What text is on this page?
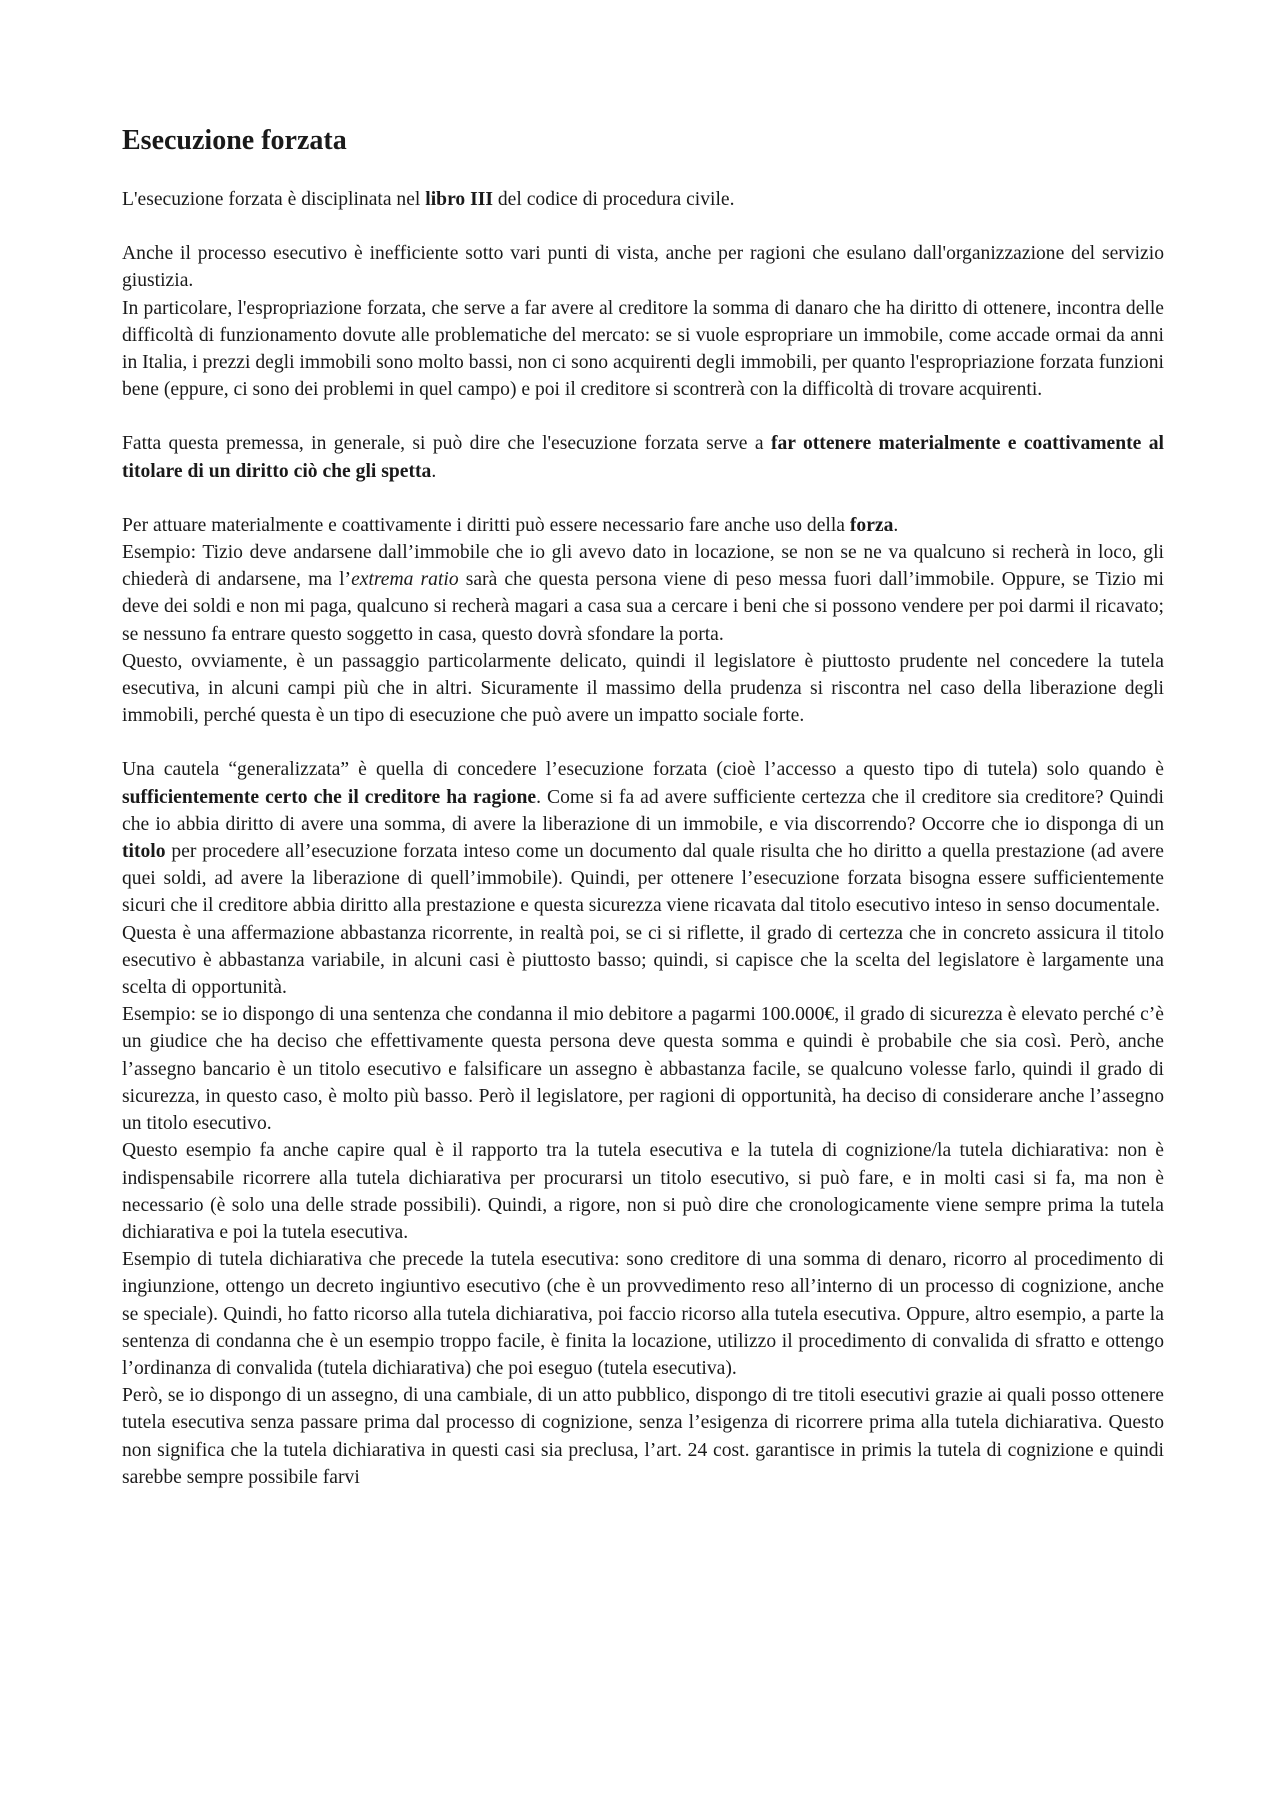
Esecuzione forzata

L'esecuzione forzata è disciplinata nel libro III del codice di procedura civile.

Anche il processo esecutivo è inefficiente sotto vari punti di vista, anche per ragioni che esulano dall'organizzazione del servizio giustizia.

In particolare, l'espropriazione forzata, che serve a far avere al creditore la somma di danaro che ha diritto di ottenere, incontra delle difficoltà di funzionamento dovute alle problematiche del mercato: se si vuole espropriare un immobile, come accade ormai da anni in Italia, i prezzi degli immobili sono molto bassi, non ci sono acquirenti degli immobili, per quanto l'espropriazione forzata funzioni bene (eppure, ci sono dei problemi in quel campo) e poi il creditore si scontrerà con la difficoltà di trovare acquirenti.

Fatta questa premessa, in generale, si può dire che l'esecuzione forzata serve a far ottenere materialmente e coattivamente al titolare di un diritto ciò che gli spetta.

Per attuare materialmente e coattivamente i diritti può essere necessario fare anche uso della forza.

Esempio: Tizio deve andarsene dall’immobile che io gli avevo dato in locazione, se non se ne va qualcuno si recherà in loco, gli chiederà di andarsene, ma l’extrema ratio sarà che questa persona viene di peso messa fuori dall’immobile. Oppure, se Tizio mi deve dei soldi e non mi paga, qualcuno si recherà magari a casa sua a cercare i beni che si possono vendere per poi darmi il ricavato; se nessuno fa entrare questo soggetto in casa, questo dovrà sfondare la porta.

Questo, ovviamente, è un passaggio particolarmente delicato, quindi il legislatore è piuttosto prudente nel concedere la tutela esecutiva, in alcuni campi più che in altri. Sicuramente il massimo della prudenza si riscontra nel caso della liberazione degli immobili, perché questa è un tipo di esecuzione che può avere un impatto sociale forte.

Una cautela “generalizzata” è quella di concedere l’esecuzione forzata (cioè l’accesso a questo tipo di tutela) solo quando è sufficientemente certo che il creditore ha ragione. Come si fa ad avere sufficiente certezza che il creditore sia creditore? Quindi che io abbia diritto di avere una somma, di avere la liberazione di un immobile, e via discorrendo? Occorre che io disponga di un titolo per procedere all’esecuzione forzata inteso come un documento dal quale risulta che ho diritto a quella prestazione (ad avere quei soldi, ad avere la liberazione di quell’immobile). Quindi, per ottenere l’esecuzione forzata bisogna essere sufficientemente sicuri che il creditore abbia diritto alla prestazione e questa sicurezza viene ricavata dal titolo esecutivo inteso in senso documentale.

Questa è una affermazione abbastanza ricorrente, in realtà poi, se ci si riflette, il grado di certezza che in concreto assicura il titolo esecutivo è abbastanza variabile, in alcuni casi è piuttosto basso; quindi, si capisce che la scelta del legislatore è largamente una scelta di opportunità.

Esempio: se io dispongo di una sentenza che condanna il mio debitore a pagarmi 100.000€, il grado di sicurezza è elevato perché c’è un giudice che ha deciso che effettivamente questa persona deve questa somma e quindi è probabile che sia così. Però, anche l’assegno bancario è un titolo esecutivo e falsificare un assegno è abbastanza facile, se qualcuno volesse farlo, quindi il grado di sicurezza, in questo caso, è molto più basso. Però il legislatore, per ragioni di opportunità, ha deciso di considerare anche l’assegno un titolo esecutivo.

Questo esempio fa anche capire qual è il rapporto tra la tutela esecutiva e la tutela di cognizione/la tutela dichiarativa: non è indispensabile ricorrere alla tutela dichiarativa per procurarsi un titolo esecutivo, si può fare, e in molti casi si fa, ma non è necessario (è solo una delle strade possibili). Quindi, a rigore, non si può dire che cronologicamente viene sempre prima la tutela dichiarativa e poi la tutela esecutiva.

Esempio di tutela dichiarativa che precede la tutela esecutiva: sono creditore di una somma di denaro, ricorro al procedimento di ingiunzione, ottengo un decreto ingiuntivo esecutivo (che è un provvedimento reso all’interno di un processo di cognizione, anche se speciale). Quindi, ho fatto ricorso alla tutela dichiarativa, poi faccio ricorso alla tutela esecutiva. Oppure, altro esempio, a parte la sentenza di condanna che è un esempio troppo facile, è finita la locazione, utilizzo il procedimento di convalida di sfratto e ottengo l’ordinanza di convalida (tutela dichiarativa) che poi eseguo (tutela esecutiva).

Però, se io dispongo di un assegno, di una cambiale, di un atto pubblico, dispongo di tre titoli esecutivi grazie ai quali posso ottenere tutela esecutiva senza passare prima dal processo di cognizione, senza l’esigenza di ricorrere prima alla tutela dichiarativa. Questo non significa che la tutela dichiarativa in questi casi sia preclusa, l’art. 24 cost. garantisce in primis la tutela di cognizione e quindi sarebbe sempre possibile farvi
